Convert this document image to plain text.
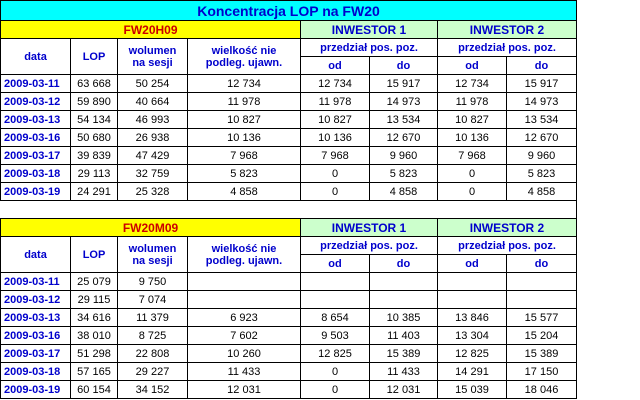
Koncentracja LOP na FW20							
FW20H09				INWESTOR 1		INWESTOR 2	
data	LOP	wolumen na sesji	wielkość nie podleg. ujawn.	przedział pos. poz.		przedział pos. poz.	
				od	do	od	do
2009-03-11	63 668	50 254	12 734	12 734	15 917	12 734	15 917
2009-03-12	59 890	40 664	11 978	11 978	14 973	11 978	14 973
2009-03-13	54 134	46 993	10 827	10 827	13 534	10 827	13 534
2009-03-16	50 680	26 938	10 136	10 136	12 670	10 136	12 670
2009-03-17	39 839	47 429	7 968	7 968	9 960	7 968	9 960
2009-03-18	29 113	32 759	5 823	0	5 823	0	5 823
2009-03-19	24 291	25 328	4 858	0	4 858	0	4 858

FW20M09				INWESTOR 1		INWESTOR 2	
data	LOP	wolumen na sesji	wielkość nie podleg. ujawn.	przedział pos. poz.		przedział pos. poz.	
				od	do	od	do
2009-03-11	25 079	9 750					
2009-03-12	29 115	7 074					
2009-03-13	34 616	11 379	6 923	8 654	10 385	13 846	15 577
2009-03-16	38 010	8 725	7 602	9 503	11 403	13 304	15 204
2009-03-17	51 298	22 808	10 260	12 825	15 389	12 825	15 389
2009-03-18	57 165	29 227	11 433	0	11 433	14 291	17 150
2009-03-19	60 154	34 152	12 031	0	12 031	15 039	18 046
